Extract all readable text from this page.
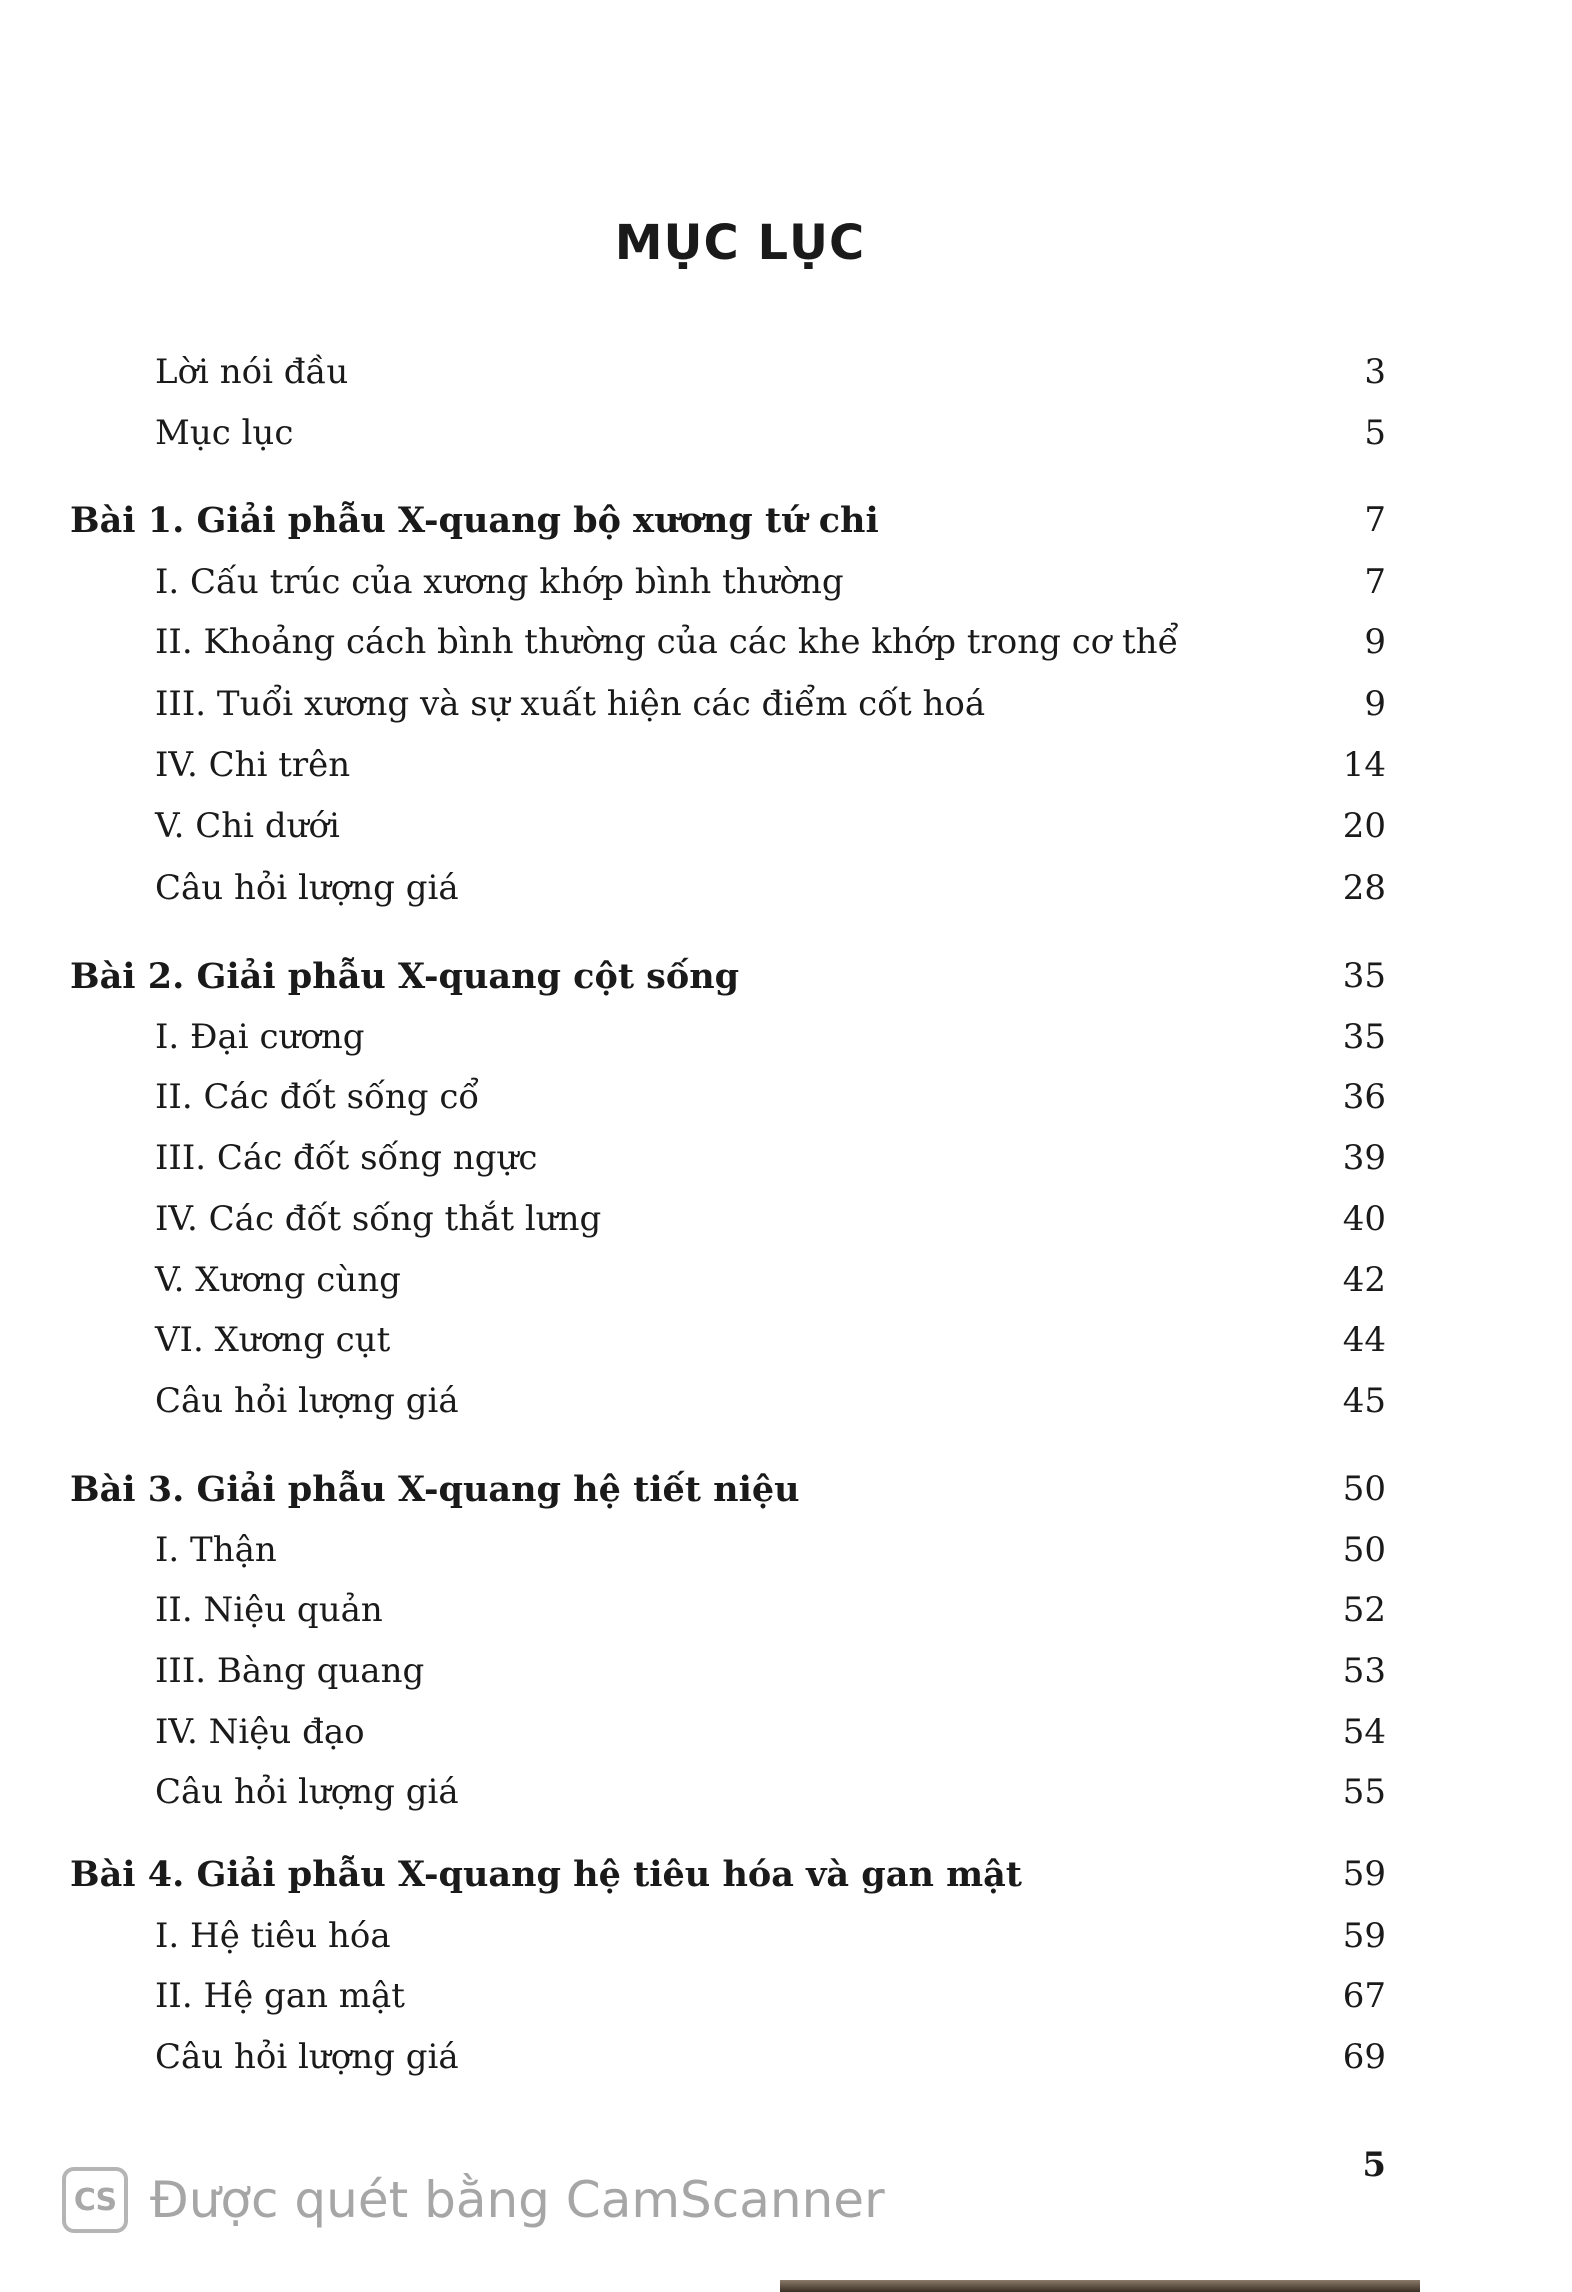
MỤC LỤC
Lời nói đầu	3
Mục lục	5
Bài 1. Giải phẫu X-quang bộ xương tứ chi	7
I. Cấu trúc của xương khớp bình thường	7
II. Khoảng cách bình thường của các khe khớp trong cơ thể	9
III. Tuổi xương và sự xuất hiện các điểm cốt hoá	9
IV. Chi trên	14
V. Chi dưới	20
Câu hỏi lượng giá	28
Bài 2. Giải phẫu X-quang cột sống	35
I. Đại cương	35
II. Các đốt sống cổ	36
III. Các đốt sống ngực	39
IV. Các đốt sống thắt lưng	40
V. Xương cùng	42
VI. Xương cụt	44
Câu hỏi lượng giá	45
Bài 3. Giải phẫu X-quang hệ tiết niệu	50
I. Thận	50
II. Niệu quản	52
III. Bàng quang	53
IV. Niệu đạo	54
Câu hỏi lượng giá	55
Bài 4. Giải phẫu X-quang hệ tiêu hóa và gan mật	59
I. Hệ tiêu hóa	59
II. Hệ gan mật	67
Câu hỏi lượng giá	69
5
CS Được quét bằng CamScanner
